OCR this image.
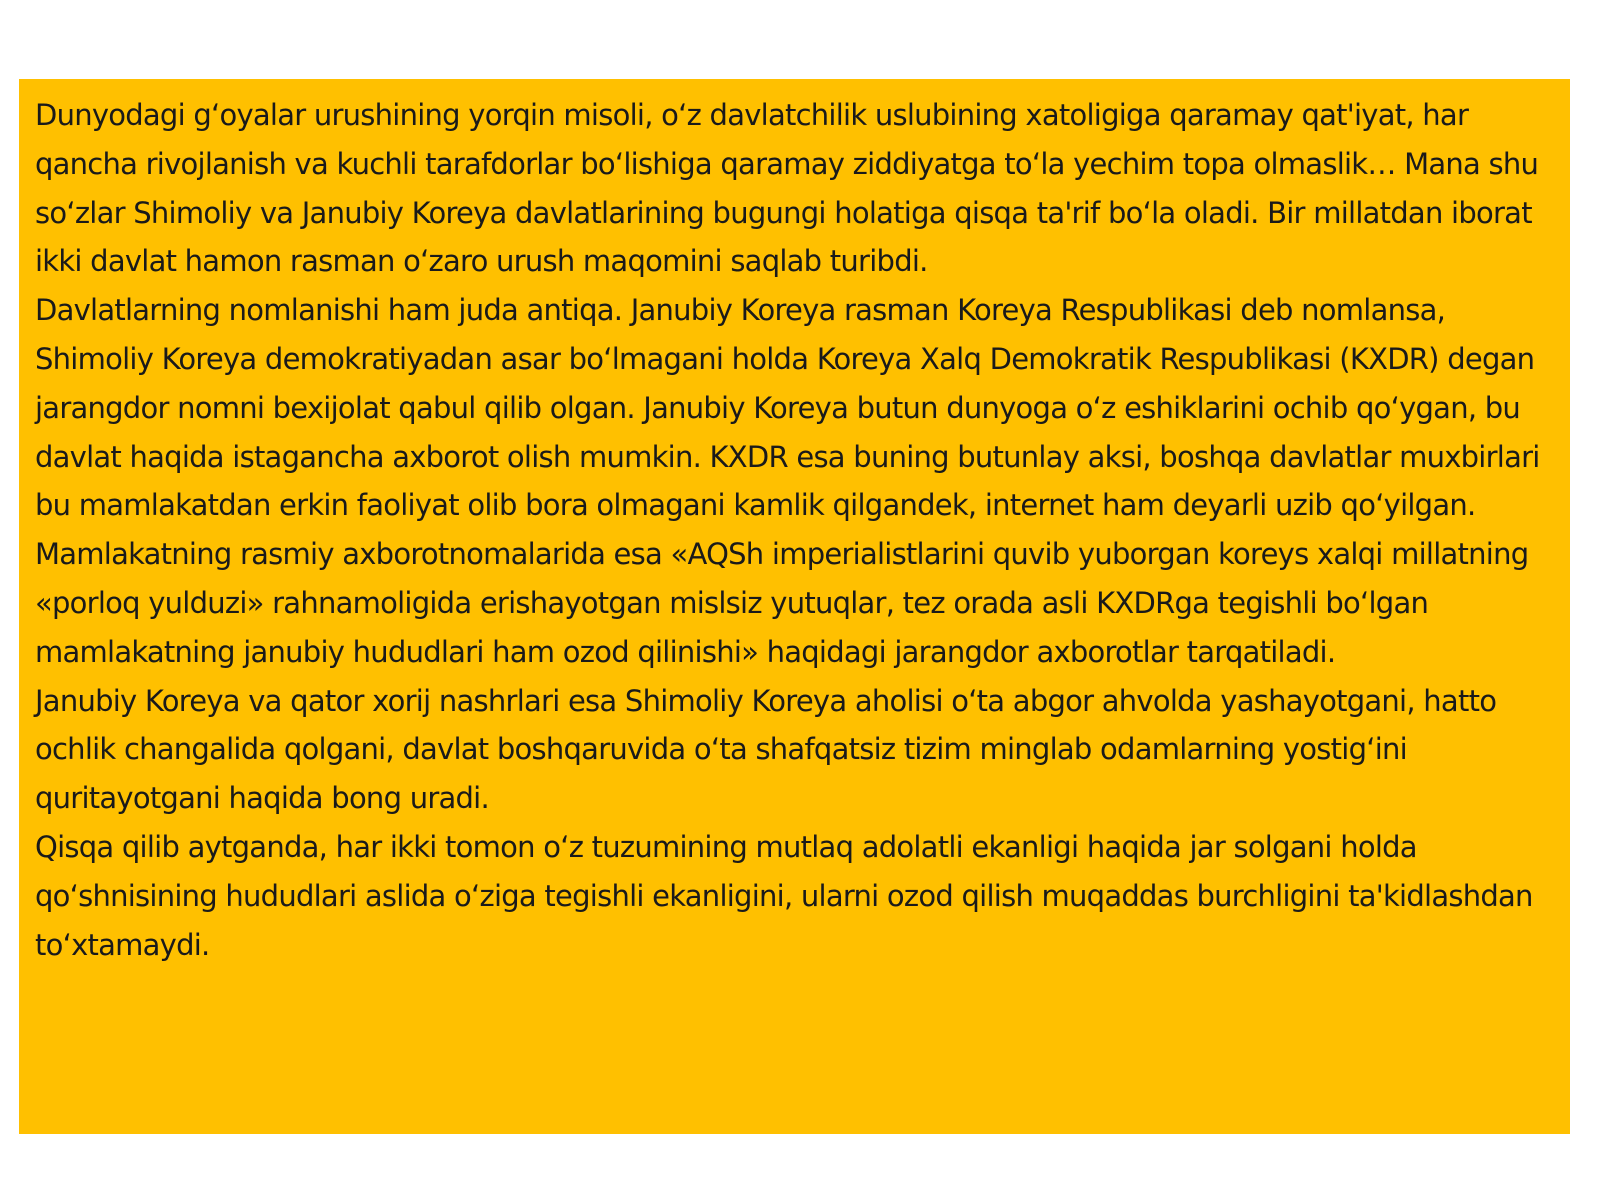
Dunyodagi gʻoyalar urushining yorqin misoli, oʻz davlatchilik uslubining xatoligiga qaramay qat'iyat, har qancha rivojlanish va kuchli tarafdorlar boʻlishiga qaramay ziddiyatga toʻla yechim topa olmaslik… Mana shu soʻzlar Shimoliy va Janubiy Koreya davlatlarining bugungi holatiga qisqa ta'rif boʻla oladi. Bir millatdan iborat ikki davlat hamon rasman oʻzaro urush maqomini saqlab turibdi.

Davlatlarning nomlanishi ham juda antiqa. Janubiy Koreya rasman Koreya Respublikasi deb nomlansa, Shimoliy Koreya demokratiyadan asar boʻlmagani holda Koreya Xalq Demokratik Respublikasi (KXDR) degan jarangdor nomni bexijolat qabul qilib olgan. Janubiy Koreya butun dunyoga oʻz eshiklarini ochib qoʻygan, bu davlat haqida istagancha axborot olish mumkin. KXDR esa buning butunlay aksi, boshqa davlatlar muxbirlari bu mamlakatdan erkin faoliyat olib bora olmagani kamlik qilgandek, internet ham deyarli uzib qoʻyilgan.

Mamlakatning rasmiy axborotnomalarida esa «AQSh imperialistlarini quvib yuborgan koreys xalqi millatning «porloq yulduzi» rahnamoligida erishayotgan mislsiz yutuqlar, tez orada asli KXDRga tegishli boʻlgan mamlakatning janubiy hududlari ham ozod qilinishi» haqidagi jarangdor axborotlar tarqatiladi.

Janubiy Koreya va qator xorij nashrlari esa Shimoliy Koreya aholisi oʻta abgor ahvolda yashayotgani, hatto ochlik changalida qolgani, davlat boshqaruvida oʻta shafqatsiz tizim minglab odamlarning yostigʻini quritayotgani haqida bong uradi.

Qisqa qilib aytganda, har ikki tomon oʻz tuzumining mutlaq adolatli ekanligi haqida jar solgani holda qoʻshnisining hududlari aslida oʻziga tegishli ekanligini, ularni ozod qilish muqaddas burchligini ta'kidlashdan toʻxtamaydi.
